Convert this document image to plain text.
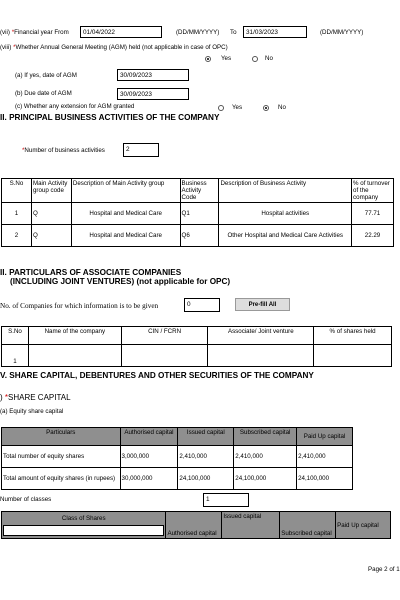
(vii) *Financial year From	01/04/2022	(DD/MM/YYYY) To	31/03/2023	(DD/MM/YYYY)
(viii) *Whether Annual General Meeting (AGM) held (not applicable in case of OPC)
Yes	No
(a) If yes, date of AGM	30/09/2023
(b) Due date of AGM	30/09/2023
(c) Whether any extension for AGM granted	Yes	No
II. PRINCIPAL BUSINESS ACTIVITIES OF THE COMPANY
*Number of business activities	2
S.No	Main Activity group code	Description of Main Activity group	Business Activity Code	Description of Business Activity	% of turnover of the company
1	Q	Hospital and Medical Care	Q1	Hospital activities	77.71
2	Q	Hospital and Medical Care	Q6	Other Hospital and Medical Care Activities	22.29
II. PARTICULARS OF ASSOCIATE COMPANIES
(INCLUDING JOINT VENTURES) (not applicable for OPC)
No. of Companies for which information is to be given	0	Pre-fill All
S.No	Name of the company	CIN / FCRN	Associate/ Joint venture	% of shares held
1				
V. SHARE CAPITAL, DEBENTURES AND OTHER SECURITIES OF THE COMPANY
) *SHARE CAPITAL
(a) Equity share capital
Particulars	Authorised capital	Issued capital	Subscribed capital	Paid Up capital
Total number of equity shares	3,000,000	2,410,000	2,410,000	2,410,000
Total amount of equity shares (in rupees)	30,000,000	24,100,000	24,100,000	24,100,000
Number of classes	1
Class of Shares
	Authorised capital	Issued capital	Subscribed capital	Paid Up capital
Page 2 of 1
